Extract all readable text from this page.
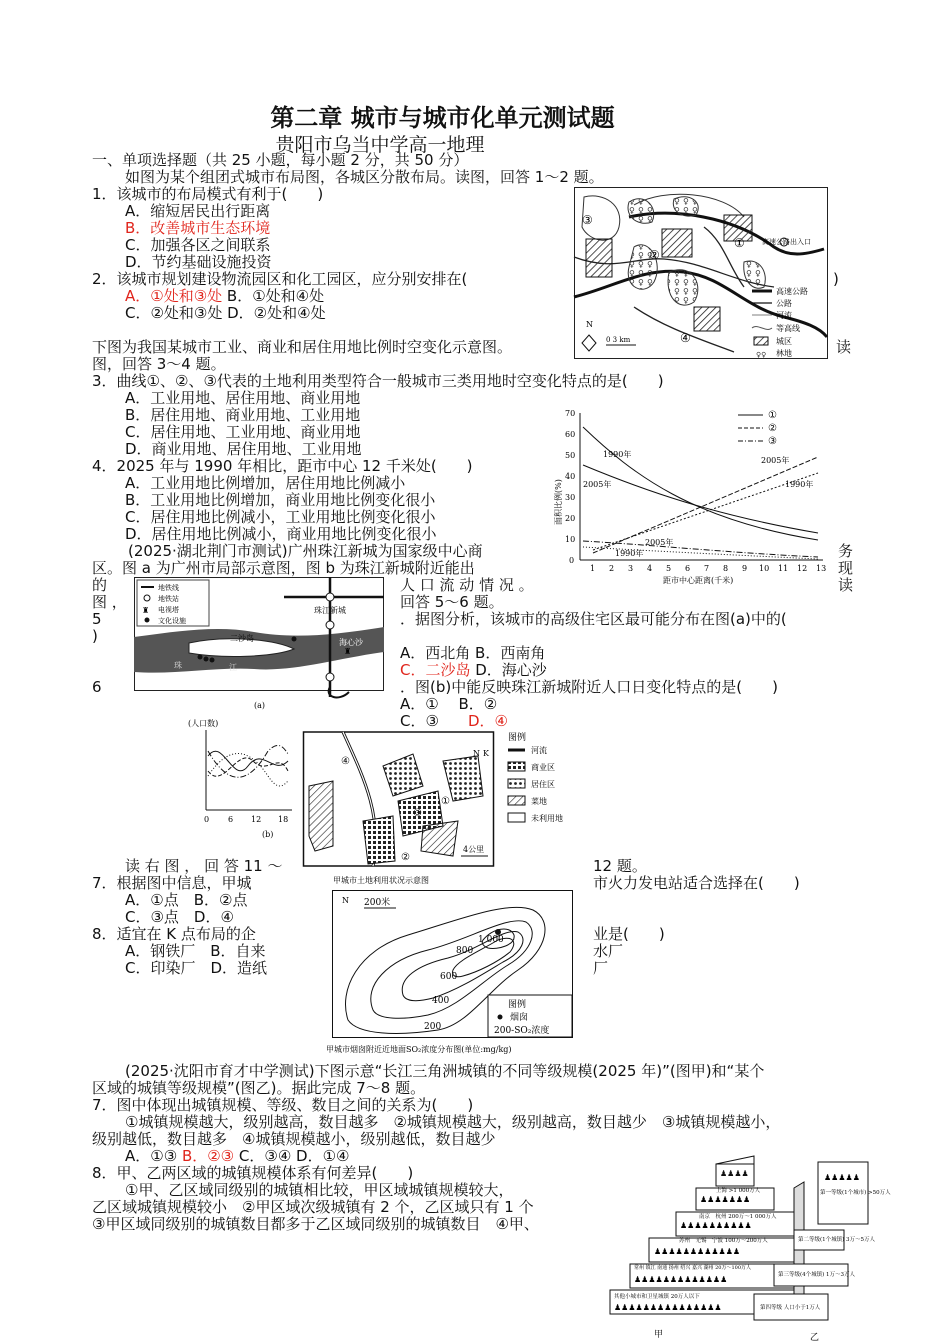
第二章 城市与城市化单元测试题
贵阳市乌当中学高一地理
一、单项选择题（共 25 小题，每小题 2 分，共 50 分）
如图为某个组团式城市布局图，各城区分散布局。读图，回答 1～2 题。
1．该城市的布局模式有利于(　　)
A．缩短居民出行距离
B．改善城市生态环境
C．加强各区之间联系
D．节约基础设施投资
2．该城市规划建设物流园区和化工园区，应分别安排在(	)
A．①处和③处 B．①处和④处
C．②处和③处 D．②处和④处
下图为我国某城市工业、商业和居住用地比例时空变化示意图。	读
图，回答 3～4 题。
3．曲线①、②、③代表的土地利用类型符合一般城市三类用地时空变化特点的是(　　)
A．工业用地、居住用地、商业用地
B．居住用地、商业用地、工业用地
C．居住用地、工业用地、商业用地
D．商业用地、居住用地、工业用地
4．2025 年与 1990 年相比，距市中心 12 千米处(　　)
A．工业用地比例增加，居住用地比例减小
B．工业用地比例增加，商业用地比例变化很小
C．居住用地比例减小，工业用地比例变化很小
D．居住用地比例减小，商业用地比例变化很小
(2025·湖北荆门市测试)广州珠江新城为国家级中心商	务
区。图 a 为广州市局部示意图，图 b 为珠江新城附近能出	现
的	人 口 流 动 情 况 。	读
图 ，	回答 5～6 题。
5
)
．据图分析，该城市的高级住宅区最可能分布在图(a)中的(
A．西北角 B．西南角
C．二沙岛 D．海心沙
6	．图(b)中能反映珠江新城附近人口日变化特点的是(　　)
A．①　 B．②
C．③ D．④
读 右 图 ， 回 答 11 ～	12 题。
7．根据图中信息，甲城	市火力发电站适合选择在(　　)
A．①点　B．②点
C．③点　D．④
8．适宜在 K 点布局的企	业是(　　)
A．钢铁厂　B．自来	水厂
C．印染厂　D．造纸	厂
(2025·沈阳市育才中学测试)下图示意“长江三角洲城镇的不同等级规模(2025 年)”(图甲)和“某个
区域的城镇等级规模”(图乙)。据此完成 7～8 题。
7．图中体现出城镇规模、等级、数目之间的关系为(　　)
①城镇规模越大，级别越高，数目越多　②城镇规模越大，级别越高，数目越少　③城镇规模越小，
级别越低，数目越多　④城镇规模越小，级别越低，数目越少
A．①③ B．②③ C．③④ D．①④
8．甲、乙两区域的城镇规模体系有何差异(　　)
①甲、乙区域同级别的城镇相比较，甲区域城镇规模较大，
乙区域城镇规模较小　②甲区域次级城镇有 2 个，乙区域只有 1 个
③甲区域同级别的城镇数目都多于乙区域同级别的城镇数目　④甲、
③
②
①
④
高速公路出入口
高速公路
公路
河流
等高线
城区
♀♀ 林地
N
0 3 km
面积比例(%)
距市中心距离(千米)
70
60
50
40
30
20
10
0
1 2 3 4 5 6 7 8 9 10 11 12 13
1990年
2005年
2005年
1990年
2005年
1990年
①
②
③
地铁线
地铁站
♜ 电视塔
文化设施
♜
珠江新城
二沙岛	海心沙
珠	江
(a)
(人口数)
0 6 12 18
(b)
④
①
②
③
N K
4公里
图例
河流
商业区
居住区
菜地
未利用地
甲城市土地利用状况示意图
N 200米
1 000
800
600
400
200
图例
烟囱
200-SO₂浓度
甲城市烟囱附近近地面SO₂浓度分布图(单位:mg/kg)
♟♟♟♟
上海 >1 000万人
♟♟♟♟♟♟♟
南京　杭州 200万～1 000万人
♟♟♟♟♟♟♟♟♟♟
苏州　无锡　宁波 100万～200万人
♟♟♟♟♟♟♟♟♟♟♟♟
常州 镇江 南通 扬州 绍兴 嘉兴 湖州 20万～100万人
♟♟♟♟♟♟♟♟♟♟♟♟♟
其他小城市和卫星城镇 20万人以下
♟♟♟♟♟♟♟♟♟♟♟♟♟♟♟
甲
♟♟♟♟♟
第一等级(1个城市) >50万人
第二等级(1个城镇) 3万～5万人
第三等级(4个城镇) 1万～3万人
第四等级 人口小于1万人
乙
